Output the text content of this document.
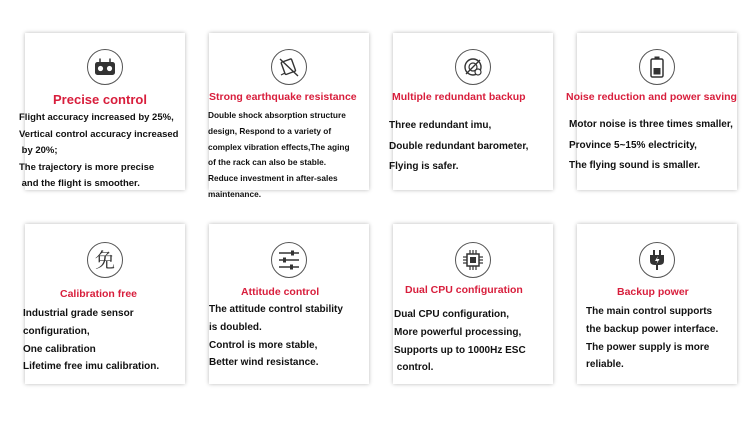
Precise control
Flight accuracy increased by 25%,
Vertical control accuracy increased
by 20%;
The trajectory is more precise
and the flight is smoother.
Strong earthquake resistance
Double shock absorption structure
design, Respond to a variety of
complex vibration effects,The aging
of the rack can also be stable.
Reduce investment in after-sales
maintenance.
Multiple redundant backup
Three redundant imu,
Double redundant barometer,
Flying is safer.
Noise reduction and power saving
Motor noise is three times smaller,
Province 5~15% electricity,
The flying sound is smaller.
免
Calibration free
Industrial grade sensor
configuration,
One calibration
Lifetime free imu calibration.
Attitude control
The attitude control stability
is doubled.
Control is more stable,
Better wind resistance.
Dual CPU configuration
Dual CPU configuration,
More powerful processing,
Supports up to 1000Hz ESC
control.
Backup power
The main control supports
the backup power interface.
The power supply is more
reliable.
